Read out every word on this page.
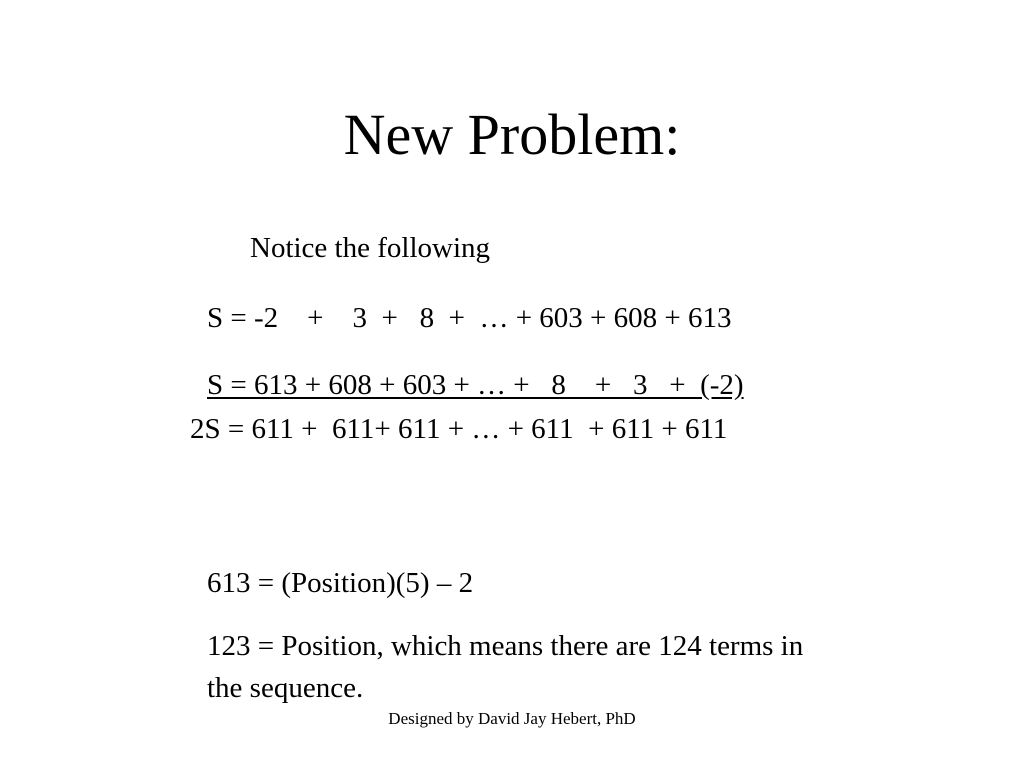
New Problem:
Notice the following
S = -2    +    3  +   8  +  … + 603 + 608 + 613
S = 613 + 608 + 603 + … +   8    +   3   +  (-2)
2S = 611 +  611+ 611 + … + 611  + 611 + 611
613 = (Position)(5) – 2
123 = Position, which means there are 124 terms in the sequence.
Designed by David Jay Hebert, PhD
